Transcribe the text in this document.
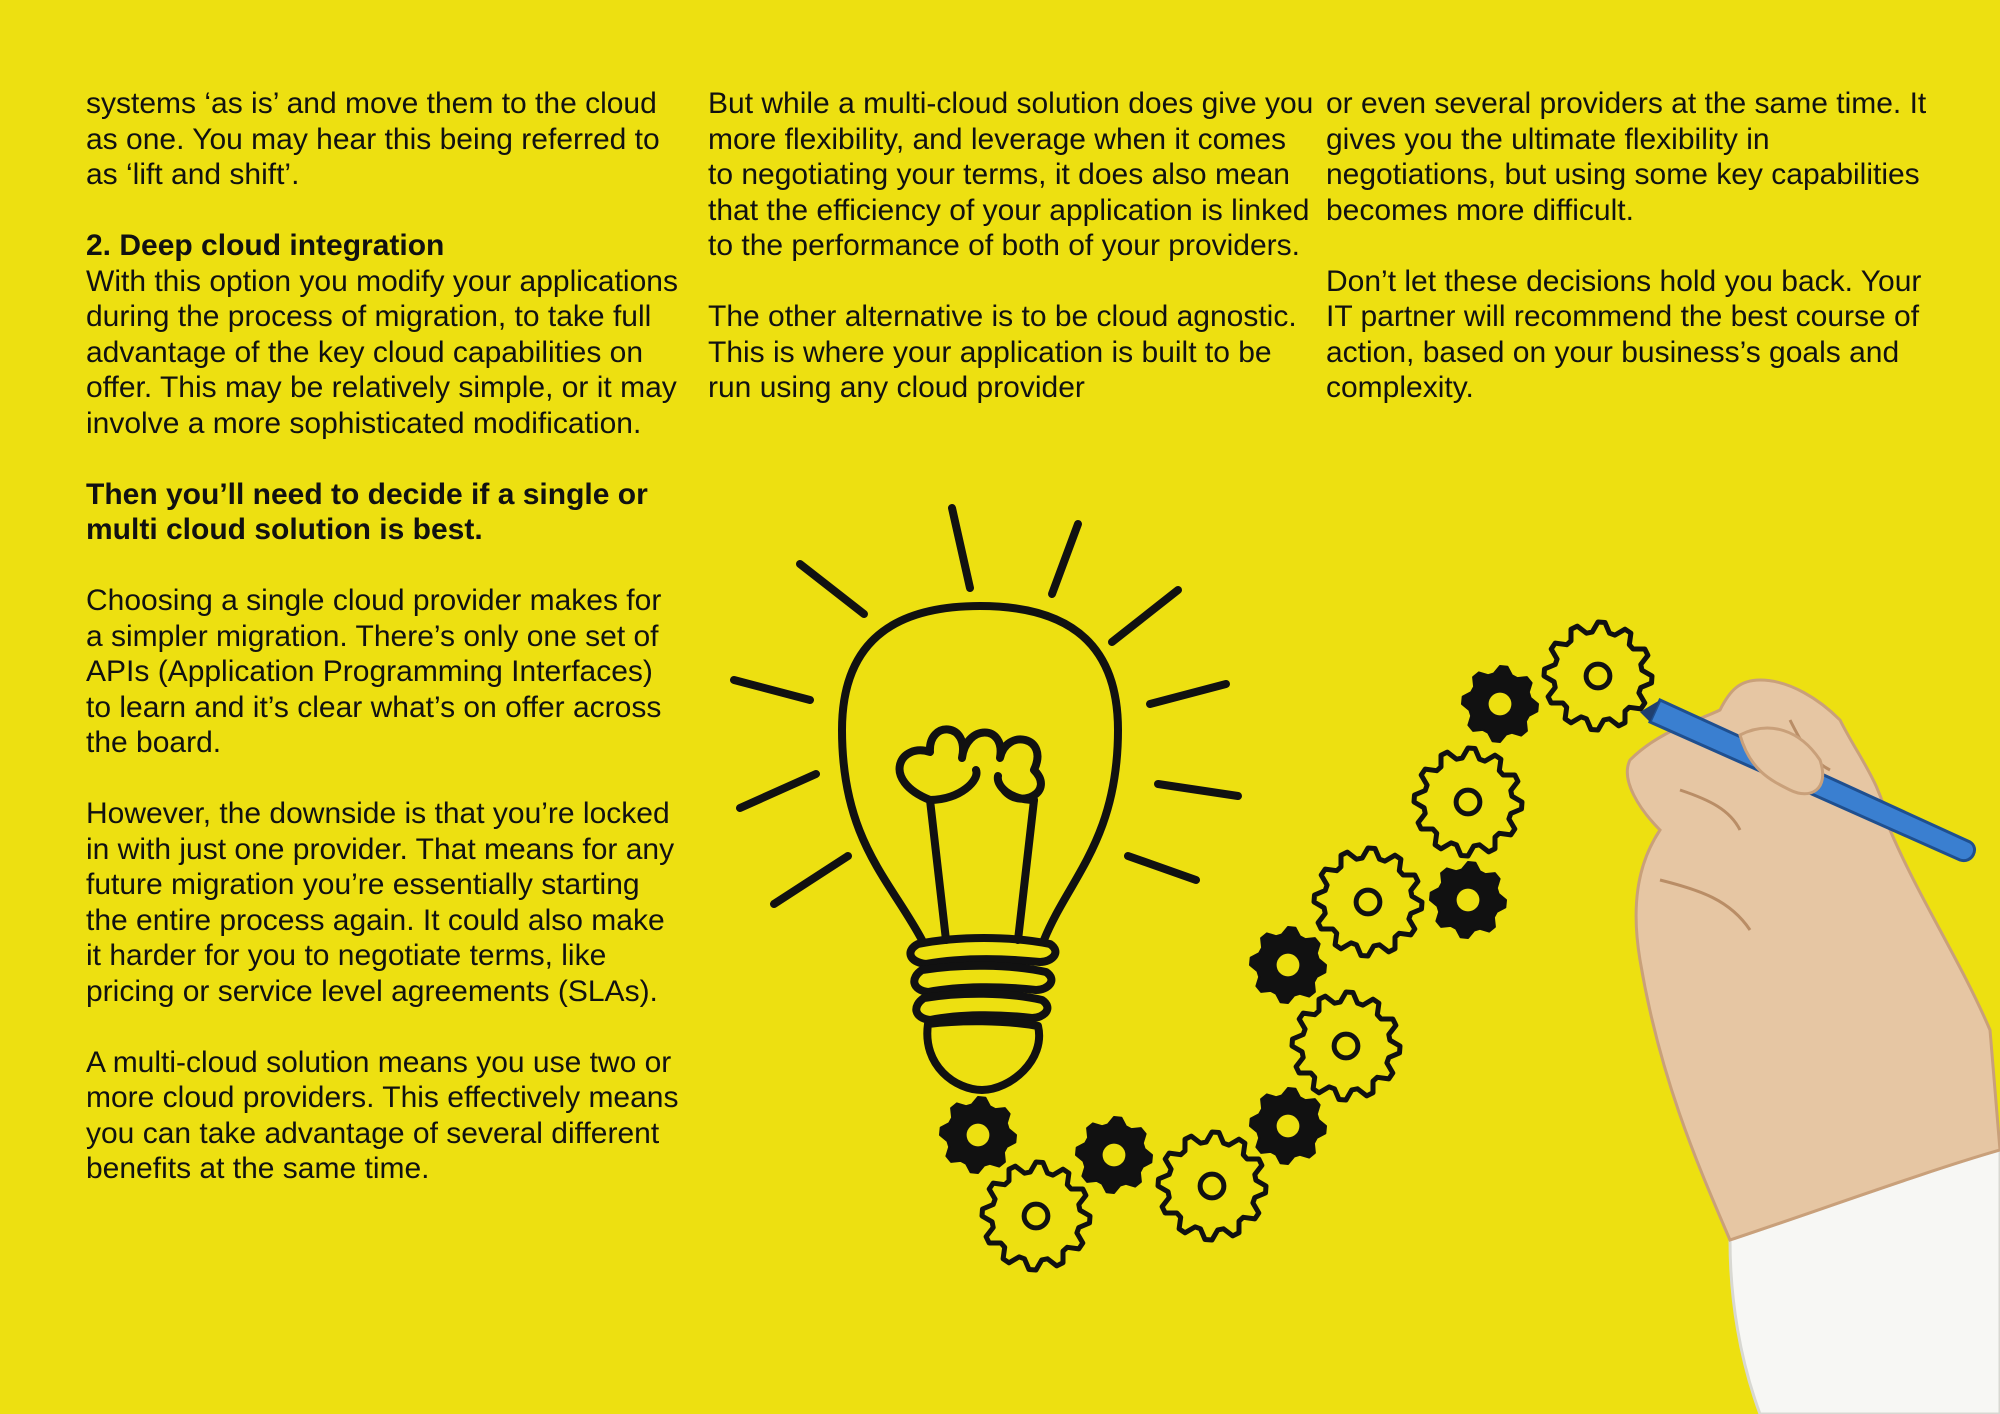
systems ‘as is’ and move them to the cloud as one. You may hear this being referred to as ‘lift and shift’.

2. Deep cloud integration
With this option you modify your applications during the process of migration, to take full advantage of the key cloud capabilities on offer. This may be relatively simple, or it may involve a more sophisticated modification.

Then you’ll need to decide if a single or multi cloud solution is best.

Choosing a single cloud provider makes for a simpler migration. There’s only one set of APIs (Application Programming Interfaces) to learn and it’s clear what’s on offer across the board.

However, the downside is that you’re locked in with just one provider. That means for any future migration you’re essentially starting the entire process again. It could also make it harder for you to negotiate terms, like pricing or service level agreements (SLAs).

A multi-cloud solution means you use two or more cloud providers. This effectively means you can take advantage of several different benefits at the same time.

But while a multi-cloud solution does give you more flexibility, and leverage when it comes to negotiating your terms, it does also mean that the efficiency of your application is linked to the performance of both of your providers.

The other alternative is to be cloud agnostic. This is where your application is built to be run using any cloud provider

or even several providers at the same time. It gives you the ultimate flexibility in negotiations, but using some key capabilities becomes more difficult.

Don’t let these decisions hold you back. Your IT partner will recommend the best course of action, based on your business’s goals and complexity.
